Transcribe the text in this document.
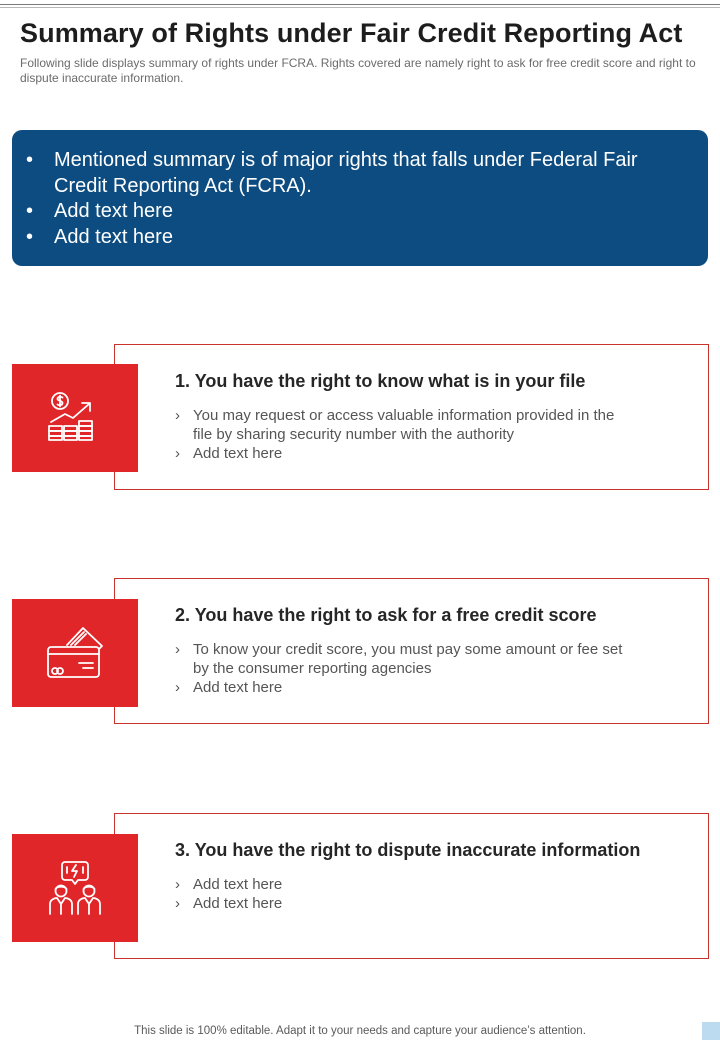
Summary of Rights under Fair Credit Reporting Act

Following slide displays summary of rights under FCRA. Rights covered are namely right to ask for free credit score and right to dispute inaccurate information.

• Mentioned summary is of major rights that falls under Federal Fair Credit Reporting Act (FCRA).
• Add text here
• Add text here
1. You have the right to know what is in your file
› You may request or access valuable information provided in the file by sharing security number with the authority
› Add text here
2. You have the right to ask for a free credit score
› To know your credit score, you must pay some amount or fee set by the consumer reporting agencies
› Add text here
3. You have the right to dispute inaccurate information
› Add text here
› Add text here
This slide is 100% editable. Adapt it to your needs and capture your audience’s attention.
